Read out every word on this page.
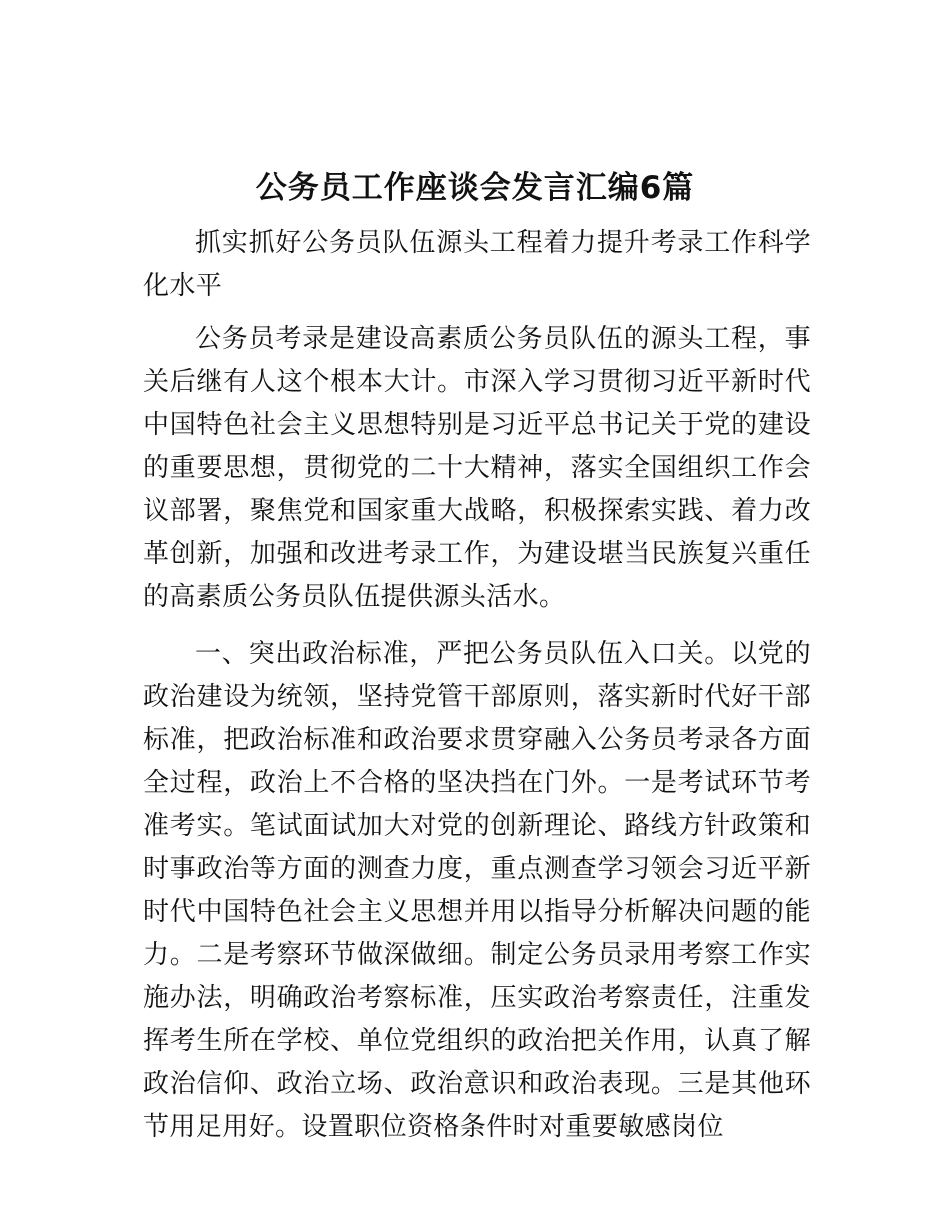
公务员工作座谈会发言汇编6篇

抓实抓好公务员队伍源头工程着力提升考录工作科学化水平

公务员考录是建设高素质公务员队伍的源头工程，事关后继有人这个根本大计。市深入学习贯彻习近平新时代中国特色社会主义思想特别是习近平总书记关于党的建设的重要思想，贯彻党的二十大精神，落实全国组织工作会议部署，聚焦党和国家重大战略，积极探索实践、着力改革创新，加强和改进考录工作，为建设堪当民族复兴重任的高素质公务员队伍提供源头活水。

一、突出政治标准，严把公务员队伍入口关。以党的政治建设为统领，坚持党管干部原则，落实新时代好干部标准，把政治标准和政治要求贯穿融入公务员考录各方面全过程，政治上不合格的坚决挡在门外。一是考试环节考准考实。笔试面试加大对党的创新理论、路线方针政策和时事政治等方面的测查力度，重点测查学习领会习近平新时代中国特色社会主义思想并用以指导分析解决问题的能力。二是考察环节做深做细。制定公务员录用考察工作实施办法，明确政治考察标准，压实政治考察责任，注重发挥考生所在学校、单位党组织的政治把关作用，认真了解政治信仰、政治立场、政治意识和政治表现。三是其他环节用足用好。设置职位资格条件时对重要敏感岗位
